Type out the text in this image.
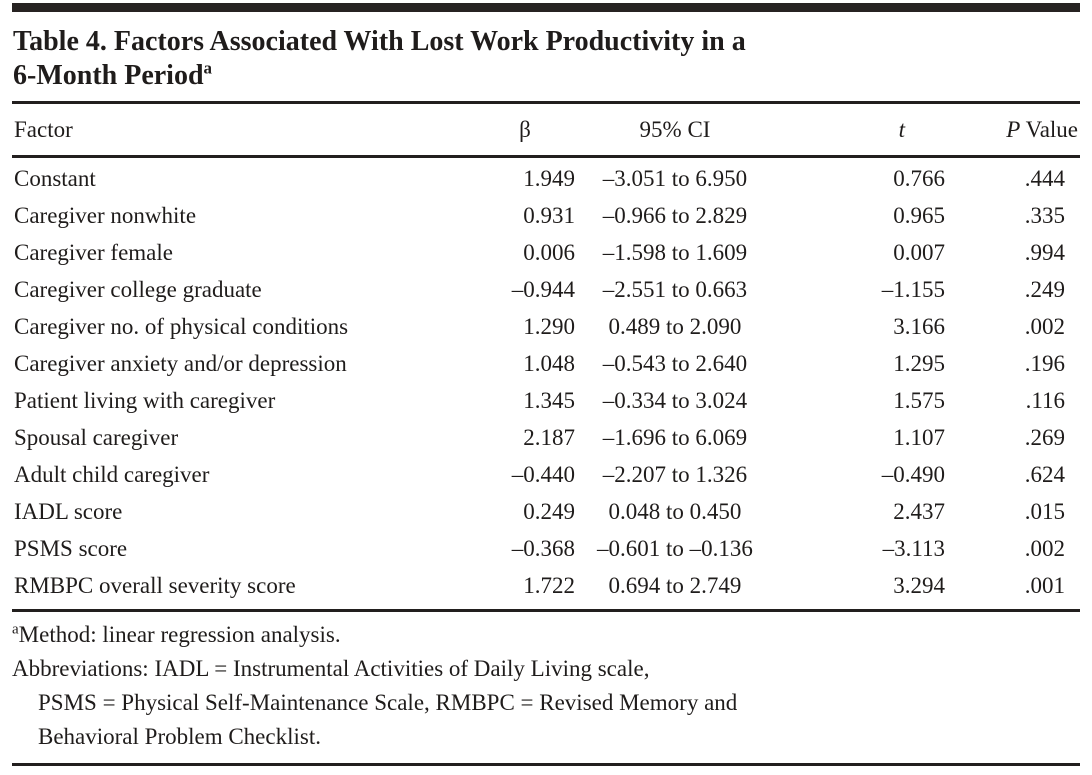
Table 4. Factors Associated With Lost Work Productivity in a
6-Month Period$^a$
Factor	β	95% CI	t	P Value
Constant	1.949	–3.051 to 6.950	0.766	.444
Caregiver nonwhite	0.931	–0.966 to 2.829	0.965	.335
Caregiver female	0.006	–1.598 to 1.609	0.007	.994
Caregiver college graduate	–0.944	–2.551 to 0.663	–1.155	.249
Caregiver no. of physical conditions	1.290	0.489 to 2.090	3.166	.002
Caregiver anxiety and/or depression	1.048	–0.543 to 2.640	1.295	.196
Patient living with caregiver	1.345	–0.334 to 3.024	1.575	.116
Spousal caregiver	2.187	–1.696 to 6.069	1.107	.269
Adult child caregiver	–0.440	–2.207 to 1.326	–0.490	.624
IADL score	0.249	0.048 to 0.450	2.437	.015
PSMS score	–0.368	–0.601 to –0.136	–3.113	.002
RMBPC overall severity score	1.722	0.694 to 2.749	3.294	.001

$^a$Method: linear regression analysis.

Abbreviations: IADL = Instrumental Activities of Daily Living scale,
PSMS = Physical Self-Maintenance Scale, RMBPC = Revised Memory and
Behavioral Problem Checklist.
